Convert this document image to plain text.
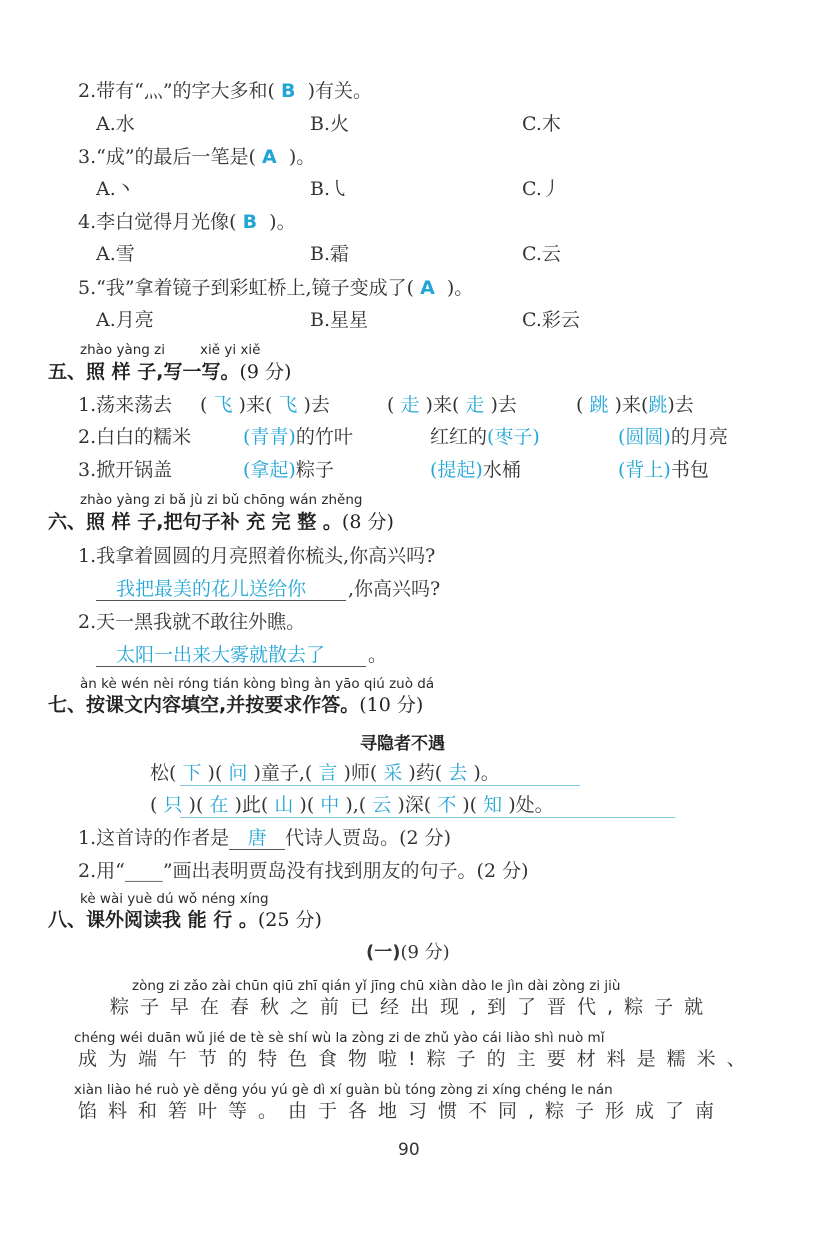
2.带有“灬”的字大多和( B )有关。
A.水	B.火	C.木
3.“成”的最后一笔是( A )。
A.丶	B.㇂	C.丿
4.李白觉得月光像( B )。
A.雪	B.霜	C.云
5.“我”拿着镜子到彩虹桥上,镜子变成了( A )。
A.月亮	B.星星	C.彩云
zhào yàng zi	xiě yi xiě
五、照 样 子,写一写。(9 分)
1.荡来荡去 ( 飞 )来( 飞 )去	( 走 )来( 走 )去	( 跳 )来(跳)去
2.白白的糯米	(青青)的竹叶	红红的(枣子)	(圆圆)的月亮
3.掀开锅盖	(拿起)粽子	(提起)水桶	(背上)书包
zhào yàng zi bǎ jù zi bǔ chōng wán zhěng
六、照 样 子,把句子补 充 完 整 。(8 分)
1.我拿着圆圆的月亮照着你梳头,你高兴吗?
我把最美的花儿送给你 ,你高兴吗?
2.天一黑我就不敢往外瞧。
太阳一出来大雾就散去了 。
àn kè wén nèi róng tián kòng bìng àn yāo qiú zuò dá
七、按课文内容填空,并按要求作答。(10 分)
寻隐者不遇
松( 下 )( 问 )童子,( 言 )师( 采 )药( 去 )。
( 只 )( 在 )此( 山 )( 中 ),( 云 )深( 不 )( 知 )处。
1.这首诗的作者是 唐 代诗人贾岛。(2 分)
2.用“____”画出表明贾岛没有找到朋友的句子。(2 分)
kè wài yuè dú wǒ néng xíng
八、课外阅读我 能 行 。(25 分)
(一)(9 分)
zòng zi zǎo zài chūn qiū zhī qián yǐ jīng chū xiàn dào le jìn dài zòng zi jiù
粽子早在春秋之前已经出现,到了晋代,粽子就
chéng wéi duān wǔ jié de tè sè shí wù la zòng zi de zhǔ yào cái liào shì nuò mǐ
成为端午节的特色食物啦!粽子的主要材料是糯米、
xiàn liào hé ruò yè děng yóu yú gè dì xí guàn bù tóng zòng zi xíng chéng le nán
馅料和箬叶等。由于各地习惯不同,粽子形成了南
90
